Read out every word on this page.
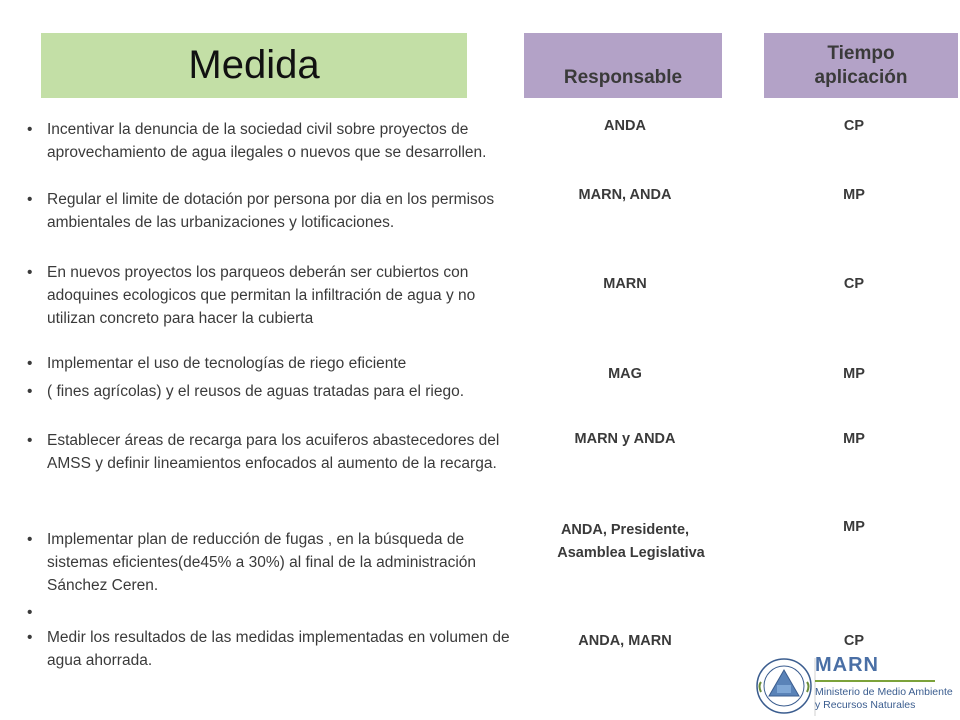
Medida	Responsable
Tiempo
aplicación
• Incentivar la denuncia de la sociedad civil sobre proyectos de aprovechamiento de agua ilegales o nuevos que se desarrollen.
• Regular el limite de dotación por persona por dia en los permisos ambientales de las urbanizaciones y lotificaciones.
• En nuevos proyectos los parqueos deberán ser cubiertos con adoquines ecologicos que permitan la infiltración de agua y no utilizan concreto para hacer la cubierta
• Implementar el uso de tecnologías de riego eficiente
• ( fines agrícolas) y el reusos de aguas tratadas para el riego.
• Establecer áreas de recarga para los acuiferos abastecedores del AMSS y definir lineamientos enfocados al aumento de la recarga.
• Implementar plan de reducción de fugas , en la búsqueda de sistemas eficientes(de45% a 30%) al final de la administración Sánchez Ceren.
•
• Medir los resultados de las medidas implementadas en volumen de agua ahorrada.
ANDA
MARN, ANDA
MARN
MAG
MARN y ANDA
ANDA, Presidente,
Asamblea Legislativa
ANDA, MARN
CP
MP
CP
MP
MP
MP
CP
MARN
Ministerio de Medio Ambiente
y Recursos Naturales
